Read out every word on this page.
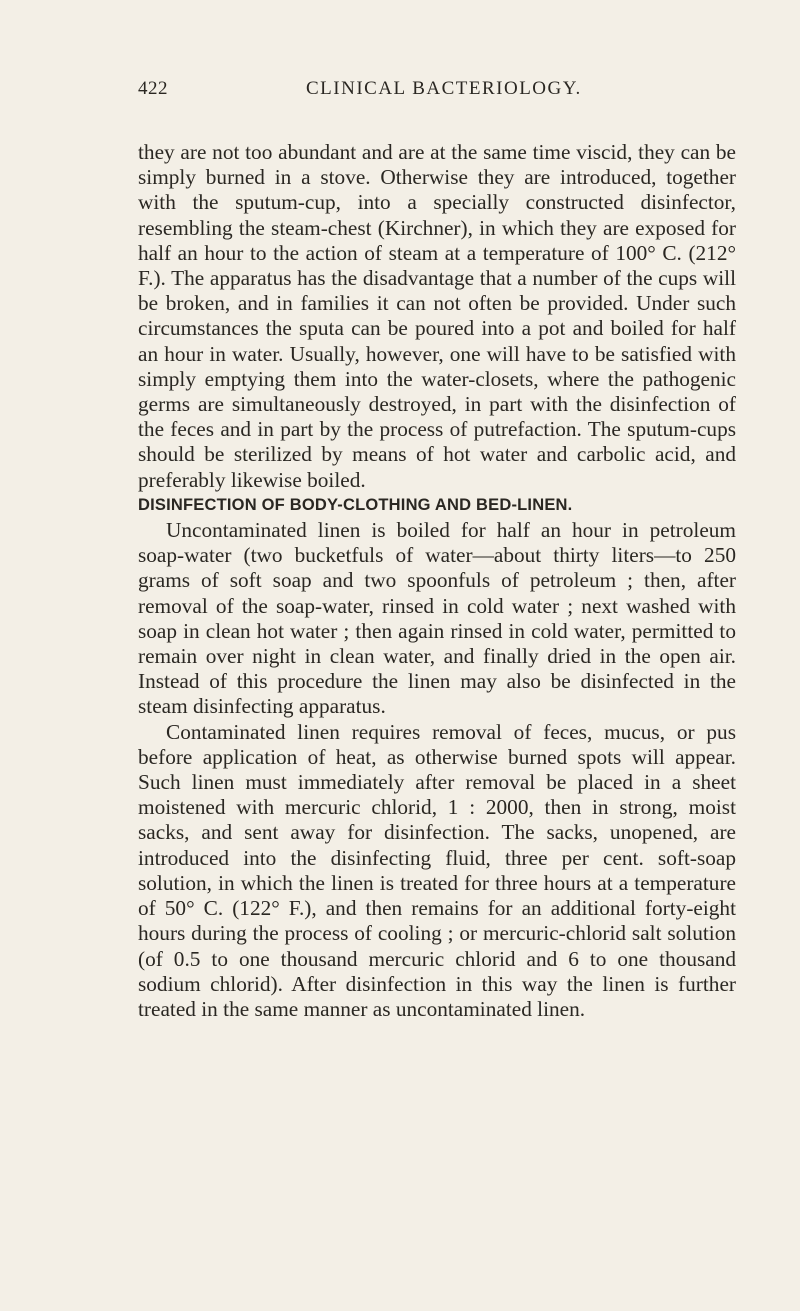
422	CLINICAL BACTERIOLOGY.

they are not too abundant and are at the same time viscid, they can be simply burned in a stove. Otherwise they are introduced, together with the sputum-cup, into a specially constructed disinfector, resembling the steam-chest (Kirchner), in which they are exposed for half an hour to the action of steam at a temperature of 100° C. (212° F.). The apparatus has the disadvantage that a number of the cups will be broken, and in families it can not often be provided. Under such circumstances the sputa can be poured into a pot and boiled for half an hour in water. Usually, however, one will have to be satisfied with simply emptying them into the water-closets, where the pathogenic germs are simultaneously destroyed, in part with the disinfection of the feces and in part by the process of putrefaction. The sputum-cups should be sterilized by means of hot water and carbolic acid, and preferably likewise boiled.

DISINFECTION OF BODY-CLOTHING AND BED-LINEN.

Uncontaminated linen is boiled for half an hour in petroleum soap-water (two bucketfuls of water—about thirty liters—to 250 grams of soft soap and two spoonfuls of petroleum ; then, after removal of the soap-water, rinsed in cold water ; next washed with soap in clean hot water ; then again rinsed in cold water, permitted to remain over night in clean water, and finally dried in the open air. Instead of this procedure the linen may also be disinfected in the steam disinfecting apparatus.

Contaminated linen requires removal of feces, mucus, or pus before application of heat, as otherwise burned spots will appear. Such linen must immediately after removal be placed in a sheet moistened with mercuric chlorid, 1 : 2000, then in strong, moist sacks, and sent away for disinfection. The sacks, unopened, are introduced into the disinfecting fluid, three per cent. soft-soap solution, in which the linen is treated for three hours at a temperature of 50° C. (122° F.), and then remains for an additional forty-eight hours during the process of cooling ; or mercuric-chlorid salt solution (of 0.5 to one thousand mercuric chlorid and 6 to one thousand sodium chlorid). After disinfection in this way the linen is further treated in the same manner as uncontaminated linen.
